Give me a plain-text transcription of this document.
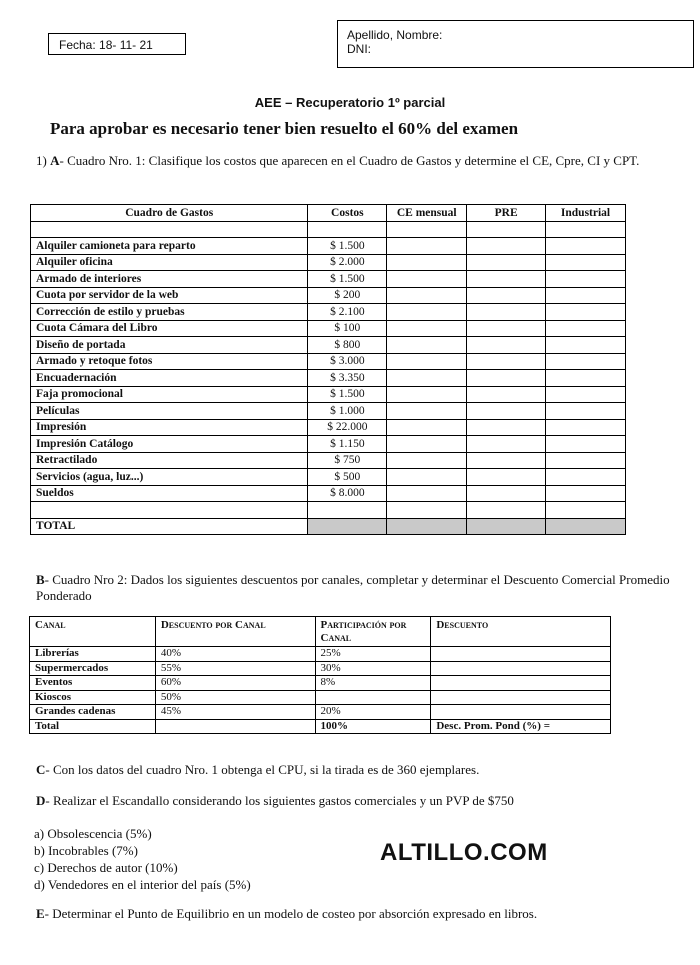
Fecha: 18- 11- 21
Apellido, Nombre:
DNI:
AEE – Recuperatorio 1º parcial
Para aprobar es necesario tener bien resuelto el 60% del examen
1) A- Cuadro Nro. 1: Clasifique los costos que aparecen en el Cuadro de Gastos y determine el CE, Cpre, CI y CPT.
Cuadro de Gastos	Costos	CE mensual	PRE	Industrial

Alquiler camioneta para reparto	$ 1.500			
Alquiler oficina	$ 2.000			
Armado de interiores	$ 1.500			
Cuota por servidor de la web	$ 200			
Corrección de estilo y pruebas	$ 2.100			
Cuota Cámara del Libro	$ 100			
Diseño de portada	$ 800			
Armado y retoque fotos	$ 3.000			
Encuadernación	$ 3.350			
Faja promocional	$ 1.500			
Películas	$ 1.000			
Impresión	$ 22.000			
Impresión Catálogo	$ 1.150			
Retractilado	$ 750			
Servicios (agua, luz...)	$ 500			
Sueldos	$ 8.000			

TOTAL				
B- Cuadro Nro 2: Dados los siguientes descuentos por canales, completar y determinar el Descuento Comercial Promedio Ponderado
Canal	Descuento por Canal	Participación por Canal	Descuento
Librerías	40%	25%	
Supermercados	55%	30%	
Eventos	60%	8%	
Kioscos	50%		
Grandes cadenas	45%	20%	
Total		100%	Desc. Prom. Pond (%) =
C- Con los datos del cuadro Nro. 1 obtenga el CPU, si la tirada es de 360 ejemplares.
D- Realizar el Escandallo considerando los siguientes gastos comerciales y un PVP de $750
a) Obsolescencia (5%)
b) Incobrables (7%)
c) Derechos de autor (10%)
d) Vendedores en el interior del país (5%)
ALTILLO.COM
E- Determinar el Punto de Equilibrio en un modelo de costeo por absorción expresado en libros.
